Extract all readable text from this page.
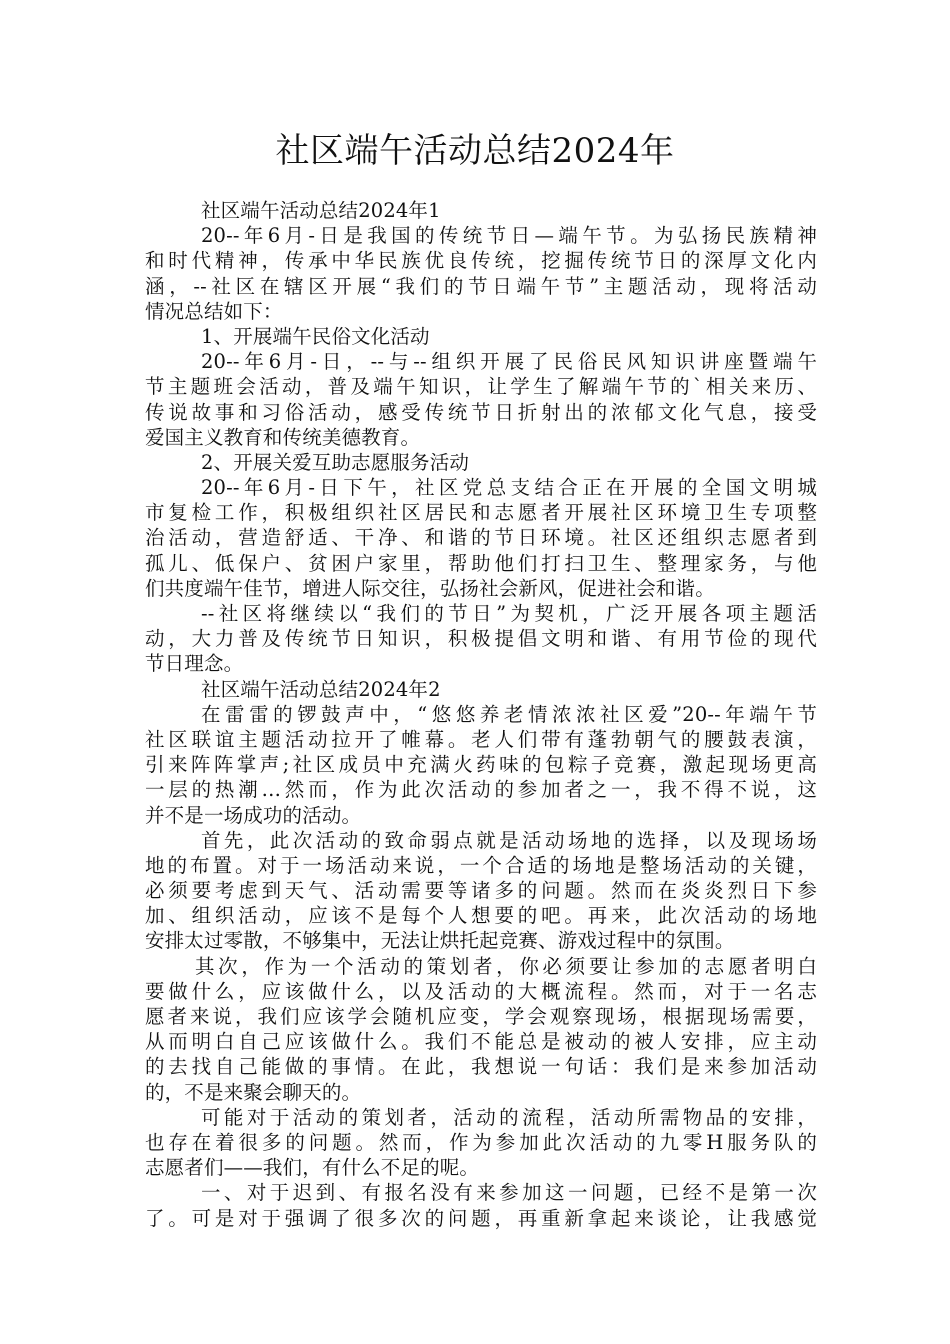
社区端午活动总结2024年
社区端午活动总结2024年1
20--年6月-日是我国的传统节日—端午节。为弘扬民族精神
和时代精神，传承中华民族优良传统，挖掘传统节日的深厚文化内
涵，--社区在辖区开展“我们的节日端午节”主题活动，现将活动
情况总结如下：
1、开展端午民俗文化活动
20--年6月-日，--与--组织开展了民俗民风知识讲座暨端午
节主题班会活动，普及端午知识，让学生了解端午节的`相关来历、
传说故事和习俗活动，感受传统节日折射出的浓郁文化气息，接受
爱国主义教育和传统美德教育。
2、开展关爱互助志愿服务活动
20--年6月-日下午，社区党总支结合正在开展的全国文明城
市复检工作，积极组织社区居民和志愿者开展社区环境卫生专项整
治活动，营造舒适、干净、和谐的节日环境。社区还组织志愿者到
孤儿、低保户、贫困户家里，帮助他们打扫卫生、整理家务，与他
们共度端午佳节，增进人际交往，弘扬社会新风，促进社会和谐。
--社区将继续以“我们的节日”为契机，广泛开展各项主题活
动，大力普及传统节日知识，积极提倡文明和谐、有用节俭的现代
节日理念。
社区端午活动总结2024年2
在雷雷的锣鼓声中，“悠悠养老情浓浓社区爱”20--年端午节
社区联谊主题活动拉开了帷幕。老人们带有蓬勃朝气的腰鼓表演，
引来阵阵掌声;社区成员中充满火药味的包粽子竞赛，激起现场更高
一层的热潮…然而，作为此次活动的参加者之一，我不得不说，这
并不是一场成功的活动。
首先，此次活动的致命弱点就是活动场地的选择，以及现场场
地的布置。对于一场活动来说，一个合适的场地是整场活动的关键，
必须要考虑到天气、活动需要等诸多的问题。然而在炎炎烈日下参
加、组织活动，应该不是每个人想要的吧。再来，此次活动的场地
安排太过零散，不够集中，无法让烘托起竞赛、游戏过程中的氛围。
其次，作为一个活动的策划者，你必须要让参加的志愿者明白
要做什么，应该做什么，以及活动的大概流程。然而，对于一名志
愿者来说，我们应该学会随机应变，学会观察现场，根据现场需要，
从而明白自己应该做什么。我们不能总是被动的被人安排，应主动
的去找自己能做的事情。在此，我想说一句话：我们是来参加活动
的，不是来聚会聊天的。
可能对于活动的策划者，活动的流程，活动所需物品的安排，
也存在着很多的问题。然而，作为参加此次活动的九零H服务队的
志愿者们——我们，有什么不足的呢。
一、对于迟到、有报名没有来参加这一问题，已经不是第一次
了。可是对于强调了很多次的问题，再重新拿起来谈论，让我感觉
